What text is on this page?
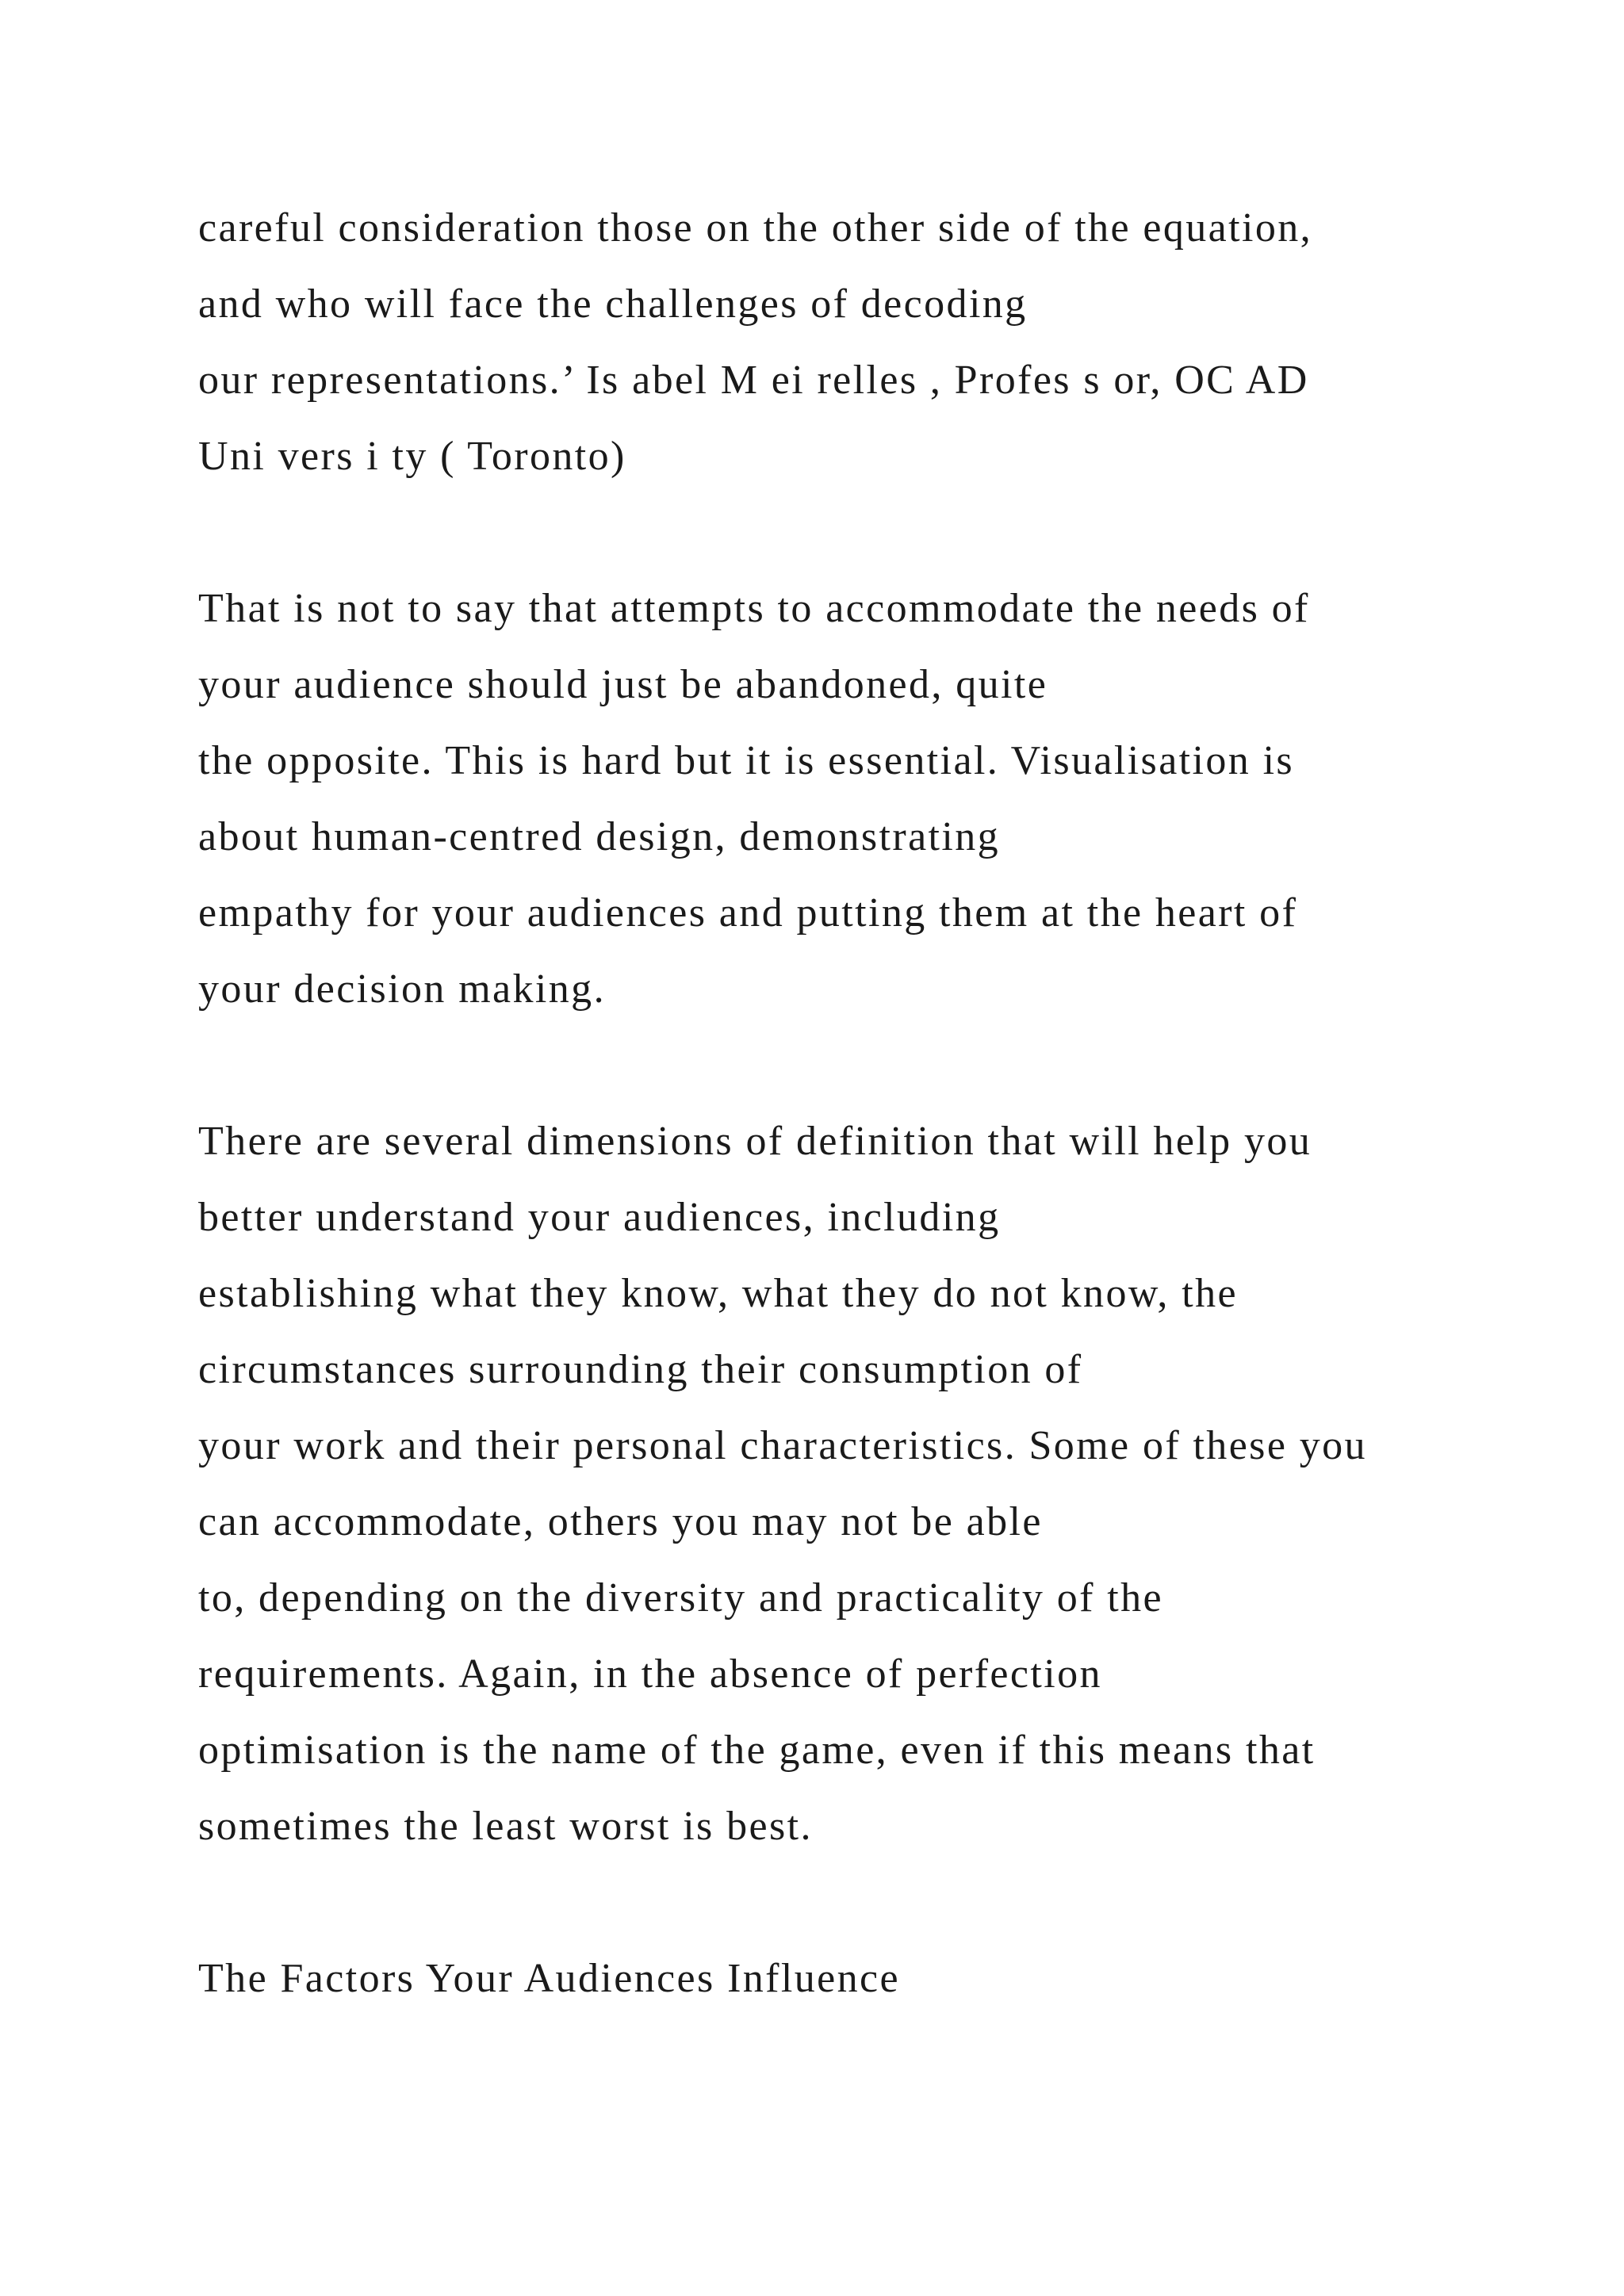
careful consideration those on the other side of the equation,
and who will face the challenges of decoding
our representations.’ Is abel M ei relles , Profes s or, OC AD
Uni vers i ty ( Toronto)
That is not to say that attempts to accommodate the needs of
your audience should just be abandoned, quite
the opposite. This is hard but it is essential. Visualisation is
about human-centred design, demonstrating
empathy for your audiences and putting them at the heart of
your decision making.
There are several dimensions of definition that will help you
better understand your audiences, including
establishing what they know, what they do not know, the
circumstances surrounding their consumption of
your work and their personal characteristics. Some of these you
can accommodate, others you may not be able
to, depending on the diversity and practicality of the
requirements. Again, in the absence of perfection
optimisation is the name of the game, even if this means that
sometimes the least worst is best.
The Factors Your Audiences Influence
